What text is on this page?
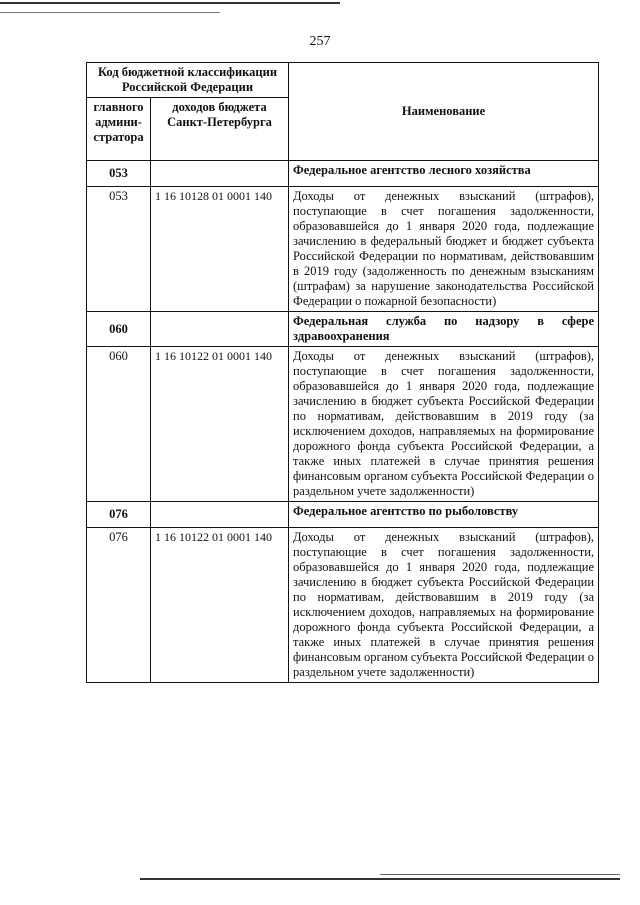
257
Код бюджетной классификации Российской Федерации		Наименование
главного админи-стратора	доходов бюджета Санкт-Петербурга	
053		Федеральное агентство лесного хозяйства
053	1 16 10128 01 0001 140	Доходы от денежных взысканий (штрафов), поступающие в счет погашения задолженности, образовавшейся до 1 января 2020 года, подлежащие зачислению в федеральный бюджет и бюджет субъекта Российской Федерации по нормативам, действовавшим в 2019 году (задолженность по денежным взысканиям (штрафам) за нарушение законодательства Российской Федерации о пожарной безопасности)
060		Федеральная служба по надзору в сфере здравоохранения
060	1 16 10122 01 0001 140	Доходы от денежных взысканий (штрафов), поступающие в счет погашения задолженности, образовавшейся до 1 января 2020 года, подлежащие зачислению в бюджет субъекта Российской Федерации по нормативам, действовавшим в 2019 году (за исключением доходов, направляемых на формирование дорожного фонда субъекта Российской Федерации, а также иных платежей в случае принятия решения финансовым органом субъекта Российской Федерации о раздельном учете задолженности)
076		Федеральное агентство по рыболовству
076	1 16 10122 01 0001 140	Доходы от денежных взысканий (штрафов), поступающие в счет погашения задолженности, образовавшейся до 1 января 2020 года, подлежащие зачислению в бюджет субъекта Российской Федерации по нормативам, действовавшим в 2019 году (за исключением доходов, направляемых на формирование дорожного фонда субъекта Российской Федерации, а также иных платежей в случае принятия решения финансовым органом субъекта Российской Федерации о раздельном учете задолженности)
